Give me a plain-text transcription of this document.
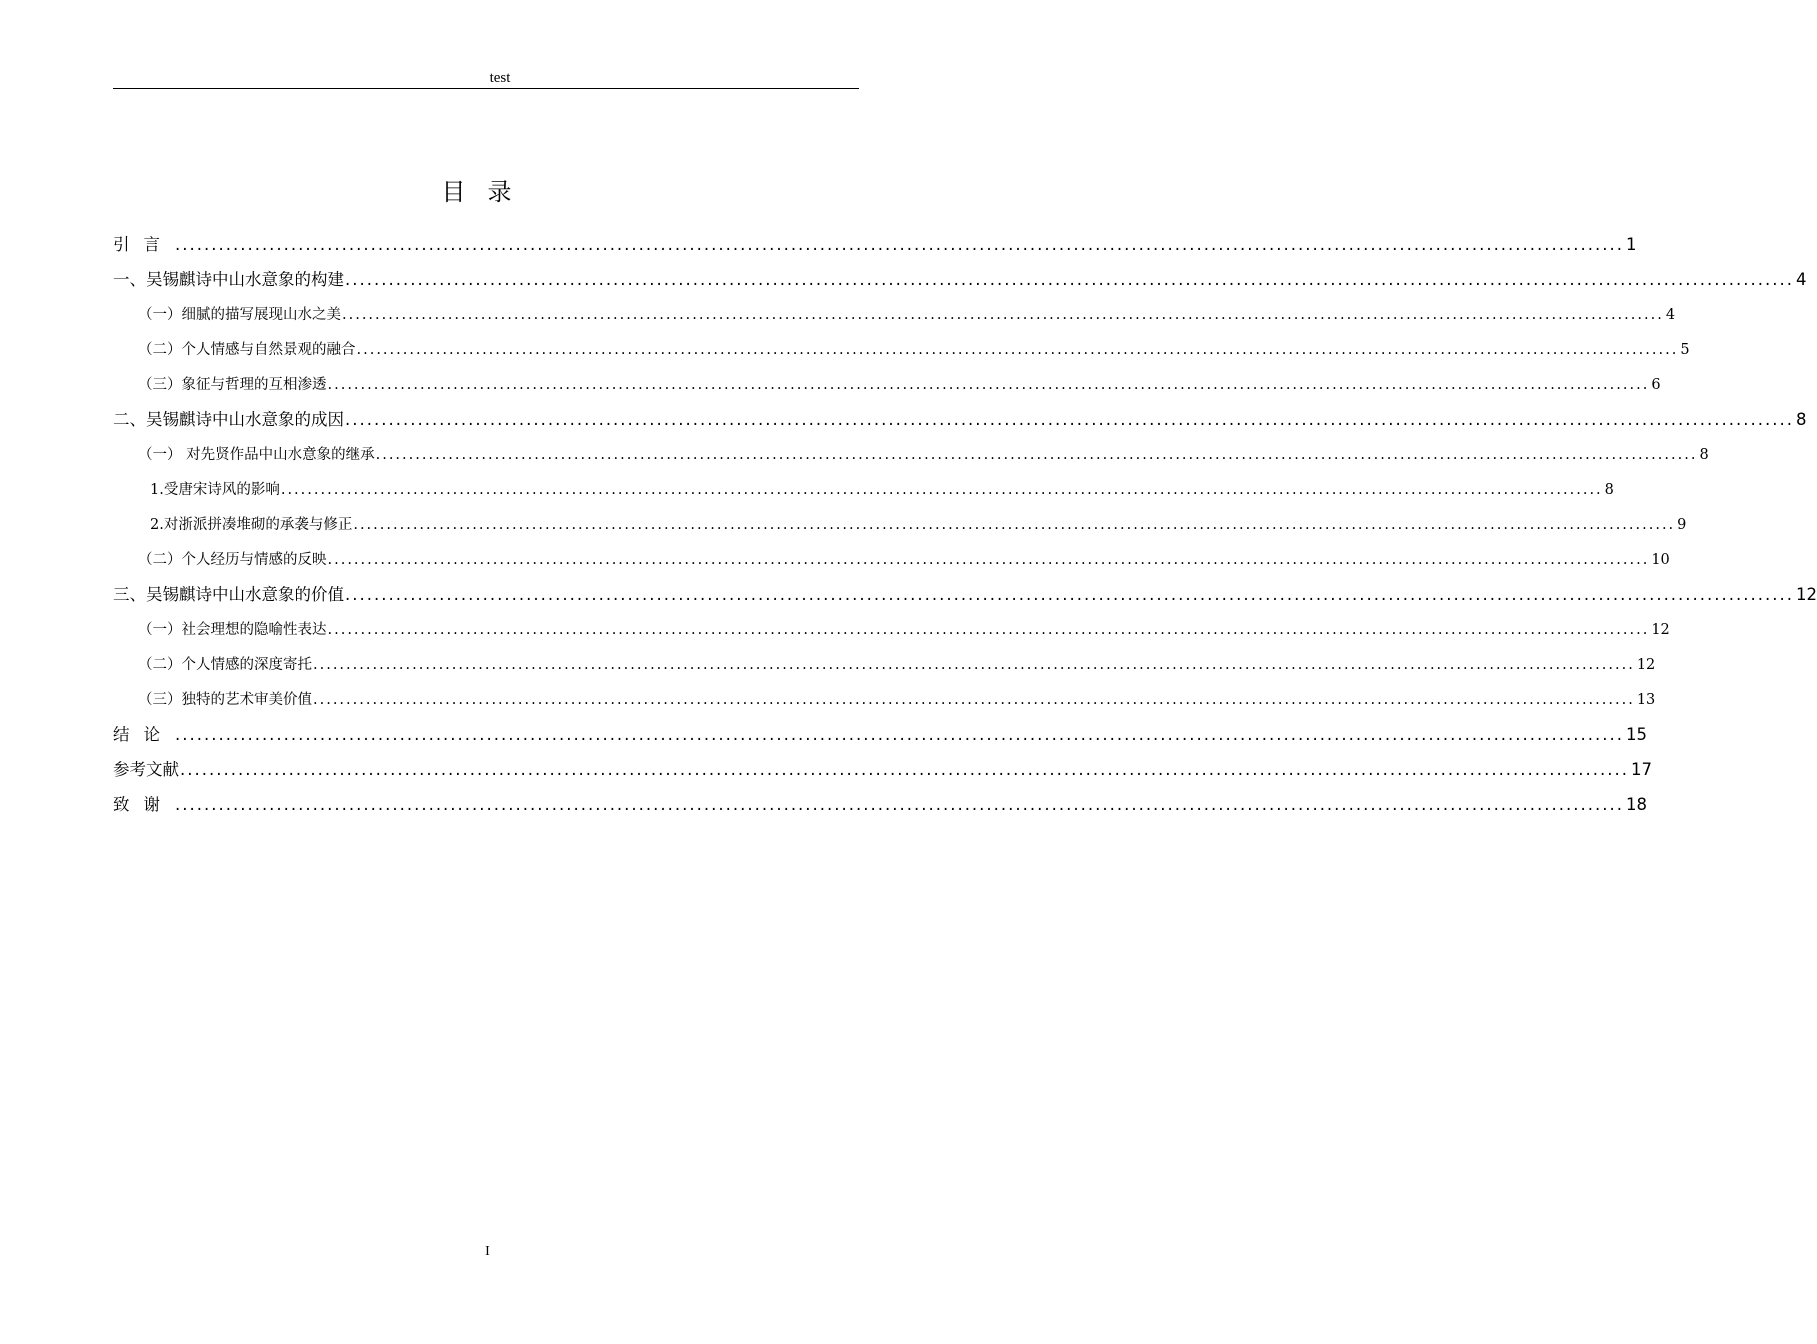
test
目录
引言 ........................................................................................................................................................................................................ 1
一、吴锡麒诗中山水意象的构建 ........................................................................................................................................................................................................ 4
（一）细腻的描写展现山水之美 ........................................................................................................................................................................................................ 4
（二）个人情感与自然景观的融合 ........................................................................................................................................................................................................ 5
（三）象征与哲理的互相渗透 ........................................................................................................................................................................................................ 6
二、吴锡麒诗中山水意象的成因 ........................................................................................................................................................................................................ 8
（一） 对先贤作品中山水意象的继承 ........................................................................................................................................................................................................ 8
1.受唐宋诗风的影响 ........................................................................................................................................................................................................ 8
2.对浙派拼凑堆砌的承袭与修正 ........................................................................................................................................................................................................ 9
（二）个人经历与情感的反映 ........................................................................................................................................................................................................ 10
三、吴锡麒诗中山水意象的价值 ........................................................................................................................................................................................................ 12
（一）社会理想的隐喻性表达 ........................................................................................................................................................................................................ 12
（二）个人情感的深度寄托 ........................................................................................................................................................................................................ 12
（三）独特的艺术审美价值 ........................................................................................................................................................................................................ 13
结论 ........................................................................................................................................................................................................ 15
参考文献 ........................................................................................................................................................................................................ 17
致谢 ........................................................................................................................................................................................................ 18
I
